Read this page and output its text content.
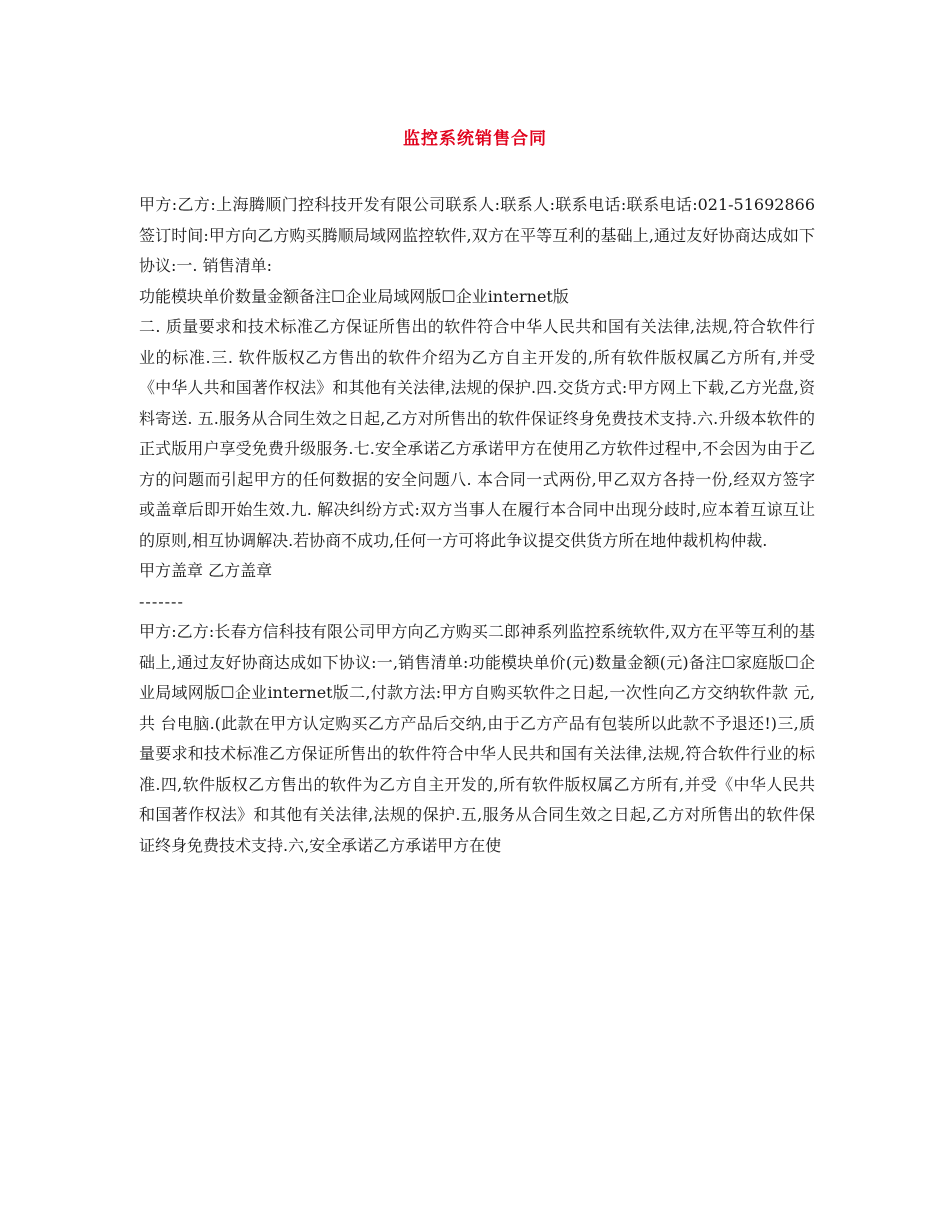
监控系统销售合同

甲方:乙方:上海腾顺门控科技开发有限公司联系人:联系人:联系电话:联系电话:021-51692866签订时间:甲方向乙方购买腾顺局域网监控软件,双方在平等互利的基础上,通过友好协商达成如下协议:一. 销售清单:

功能模块单价数量金额备注☐企业局域网版☐企业internet版

二. 质量要求和技术标准乙方保证所售出的软件符合中华人民共和国有关法律,法规,符合软件行业的标准.三. 软件版权乙方售出的软件介绍为乙方自主开发的,所有软件版权属乙方所有,并受《中华人共和国著作权法》和其他有关法律,法规的保护.四.交货方式:甲方网上下载,乙方光盘,资料寄送. 五.服务从合同生效之日起,乙方对所售出的软件保证终身免费技术支持.六.升级本软件的正式版用户享受免费升级服务.七.安全承诺乙方承诺甲方在使用乙方软件过程中,不会因为由于乙方的问题而引起甲方的任何数据的安全问题八. 本合同一式两份,甲乙双方各持一份,经双方签字或盖章后即开始生效.九. 解决纠纷方式:双方当事人在履行本合同中出现分歧时,应本着互谅互让的原则,相互协调解决.若协商不成功,任何一方可将此争议提交供货方所在地仲裁机构仲裁.

甲方盖章 乙方盖章

-------

甲方:乙方:长春方信科技有限公司甲方向乙方购买二郎神系列监控系统软件,双方在平等互利的基础上,通过友好协商达成如下协议:一,销售清单:功能模块单价(元)数量金额(元)备注☐家庭版☐企业局域网版☐企业internet版二,付款方法:甲方自购买软件之日起,一次性向乙方交纳软件款 元,共 台电脑.(此款在甲方认定购买乙方产品后交纳,由于乙方产品有包装所以此款不予退还!)三,质量要求和技术标准乙方保证所售出的软件符合中华人民共和国有关法律,法规,符合软件行业的标准.四,软件版权乙方售出的软件为乙方自主开发的,所有软件版权属乙方所有,并受《中华人民共和国著作权法》和其他有关法律,法规的保护.五,服务从合同生效之日起,乙方对所售出的软件保证终身免费技术支持.六,安全承诺乙方承诺甲方在使
